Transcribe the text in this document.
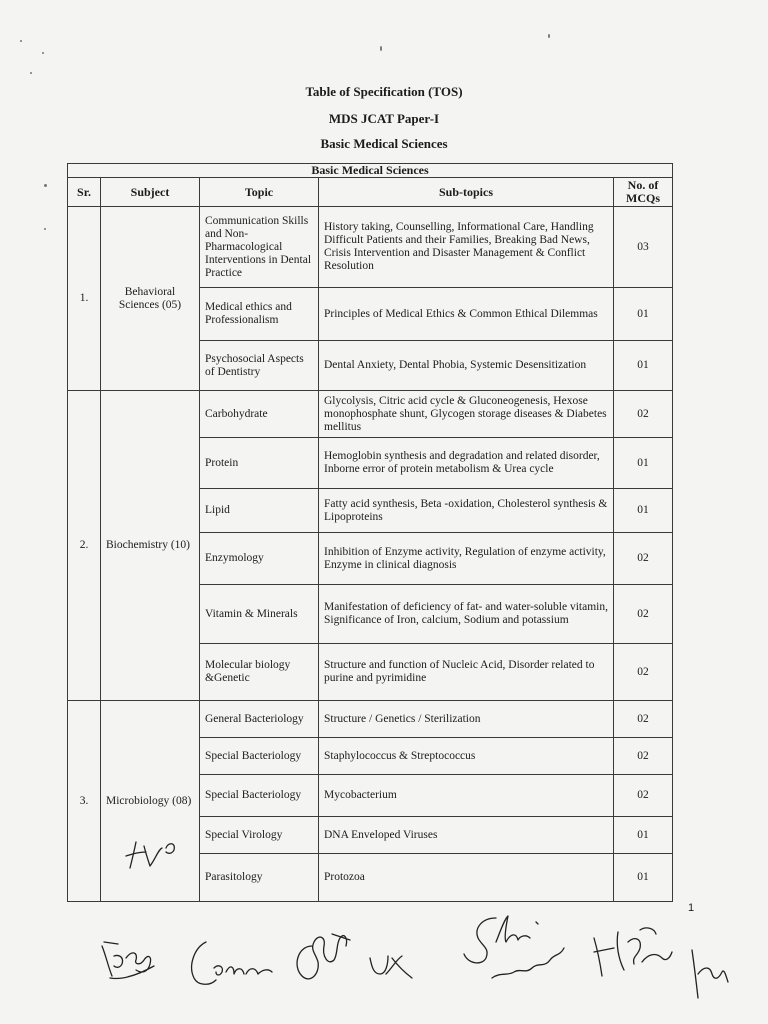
Table of Specification (TOS)
MDS JCAT Paper-I
Basic Medical Sciences
Basic Medical Sciences				
Sr.	Subject	Topic	Sub-topics	No. of MCQs
1.	Behavioral Sciences (05)	Communication Skills and Non-Pharmacological Interventions in Dental Practice	History taking, Counselling, Informational Care, Handling Difficult Patients and their Families, Breaking Bad News, Crisis Intervention and Disaster Management & Conflict Resolution	03
		Medical ethics and Professionalism	Principles of Medical Ethics & Common Ethical Dilemmas	01
		Psychosocial Aspects of Dentistry	Dental Anxiety, Dental Phobia, Systemic Desensitization	01
2.	Biochemistry (10)	Carbohydrate	Glycolysis, Citric acid cycle & Gluconeogenesis, Hexose monophosphate shunt, Glycogen storage diseases & Diabetes mellitus	02
		Protein	Hemoglobin synthesis and degradation and related disorder, Inborne error of protein metabolism & Urea cycle	01
		Lipid	Fatty acid synthesis, Beta -oxidation, Cholesterol synthesis & Lipoproteins	01
		Enzymology	Inhibition of Enzyme activity, Regulation of enzyme activity, Enzyme in clinical diagnosis	02
		Vitamin & Minerals	Manifestation of deficiency of fat- and water-soluble vitamin, Significance of Iron, calcium, Sodium and potassium	02
		Molecular biology &Genetic	Structure and function of Nucleic Acid, Disorder related to purine and pyrimidine	02
3.	Microbiology (08)	General Bacteriology	Structure / Genetics / Sterilization	02
		Special Bacteriology	Staphylococcus & Streptococcus	02
		Special Bacteriology	Mycobacterium	02
		Special Virology	DNA Enveloped Viruses	01
		Parasitology	Protozoa	01
1
